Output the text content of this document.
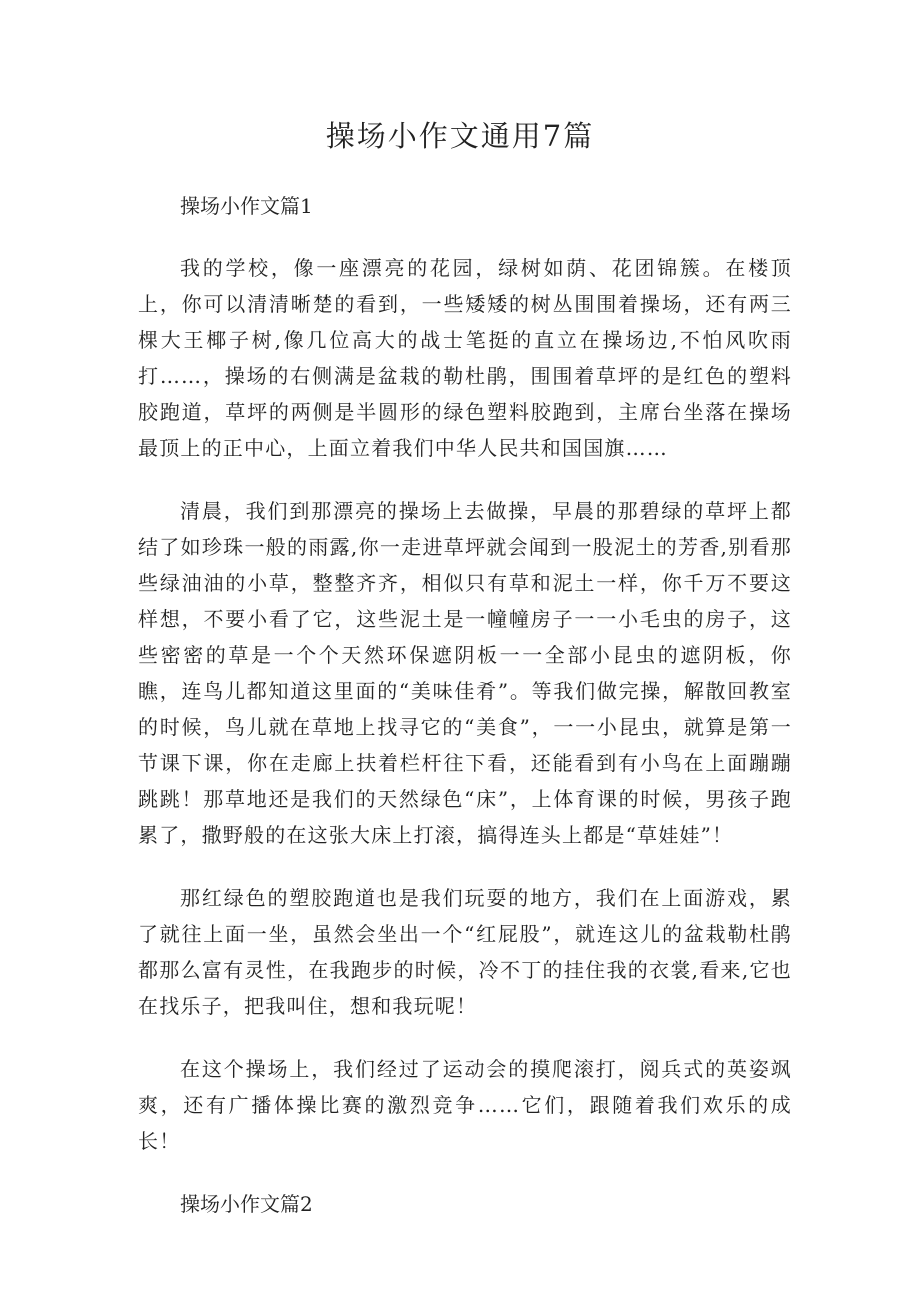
操场小作文通用7篇

操场小作文篇1

我的学校，像一座漂亮的花园，绿树如荫、花团锦簇。在楼顶上，你可以清清晰楚的看到，一些矮矮的树丛围围着操场，还有两三棵大王椰子树,像几位高大的战士笔挺的直立在操场边,不怕风吹雨打……，操场的右侧满是盆栽的勒杜鹃，围围着草坪的是红色的塑料胶跑道，草坪的两侧是半圆形的绿色塑料胶跑到，主席台坐落在操场最顶上的正中心，上面立着我们中华人民共和国国旗……

清晨，我们到那漂亮的操场上去做操，早晨的那碧绿的草坪上都结了如珍珠一般的雨露,你一走进草坪就会闻到一股泥土的芳香,别看那些绿油油的小草，整整齐齐，相似只有草和泥土一样，你千万不要这样想，不要小看了它，这些泥土是一幢幢房子一一小毛虫的房子，这些密密的草是一个个天然环保遮阴板一一全部小昆虫的遮阴板，你瞧，连鸟儿都知道这里面的“美味佳肴”。等我们做完操，解散回教室的时候，鸟儿就在草地上找寻它的“美食”，一一小昆虫，就算是第一节课下课，你在走廊上扶着栏杆往下看，还能看到有小鸟在上面蹦蹦跳跳！那草地还是我们的天然绿色“床”，上体育课的时候，男孩子跑累了，撒野般的在这张大床上打滚，搞得连头上都是“草娃娃”！

那红绿色的塑胶跑道也是我们玩耍的地方，我们在上面游戏，累了就往上面一坐，虽然会坐出一个“红屁股”，就连这儿的盆栽勒杜鹃都那么富有灵性，在我跑步的时候，冷不丁的挂住我的衣裳,看来,它也在找乐子，把我叫住，想和我玩呢！

在这个操场上，我们经过了运动会的摸爬滚打，阅兵式的英姿飒爽，还有广播体操比赛的激烈竞争……它们，跟随着我们欢乐的成长！

操场小作文篇2
